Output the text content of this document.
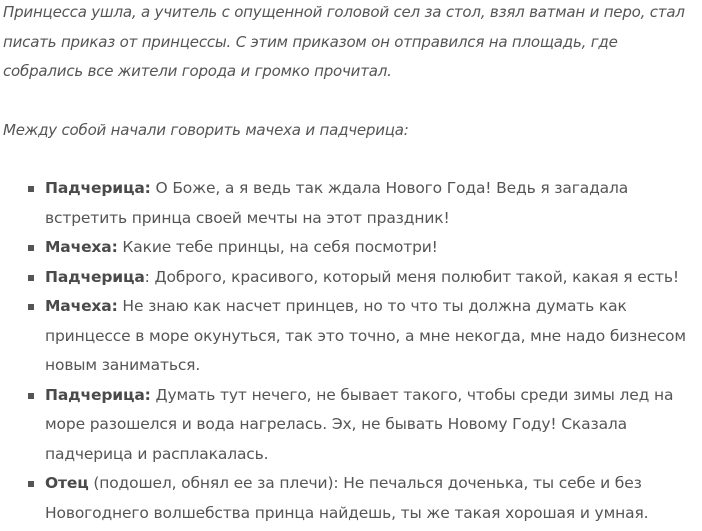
Принцесса ушла, а учитель с опущенной головой сел за стол, взял ватман и перо, стал писать приказ от принцессы. С этим приказом он отправился на площадь, где собрались все жители города и громко прочитал.

Между собой начали говорить мачеха и падчерица:

Падчерица: О Боже, а я ведь так ждала Нового Года! Ведь я загадала встретить принца своей мечты на этот праздник!
Мачеха: Какие тебе принцы, на себя посмотри!
Падчерица: Доброго, красивого, который меня полюбит такой, какая я есть!
Мачеха: Не знаю как насчет принцев, но то что ты должна думать как принцессе в море окунуться, так это точно, а мне некогда, мне надо бизнесом новым заниматься.
Падчерица: Думать тут нечего, не бывает такого, чтобы среди зимы лед на море разошелся и вода нагрелась. Эх, не бывать Новому Году! Сказала падчерица и расплакалась.
Отец (подошел, обнял ее за плечи): Не печалься доченька, ты себе и без Новогоднего волшебства принца найдешь, ты же такая хорошая и умная.
